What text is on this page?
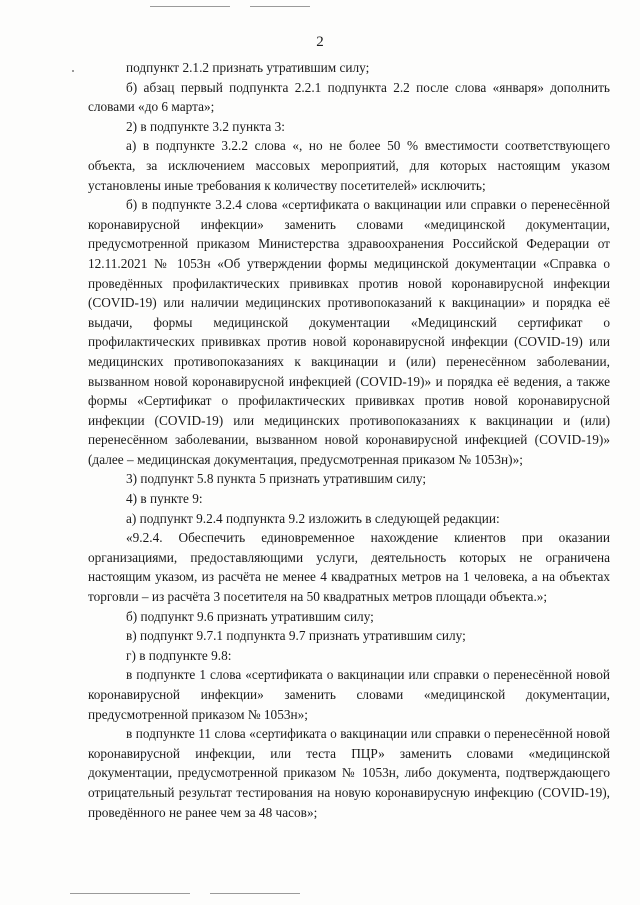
2

подпункт 2.1.2 признать утратившим силу;

б) абзац первый подпункта 2.2.1 подпункта 2.2 после слова «января» дополнить словами «до 6 марта»;

2) в подпункте 3.2 пункта 3:

а) в подпункте 3.2.2 слова «, но не более 50 % вместимости соответствующего объекта, за исключением массовых мероприятий, для которых настоящим указом установлены иные требования к количеству посетителей» исключить;

б) в подпункте 3.2.4 слова «сертификата о вакцинации или справки о перенесённой коронавирусной инфекции» заменить словами «медицинской документации, предусмотренной приказом Министерства здравоохранения Российской Федерации от 12.11.2021 № 1053н «Об утверждении формы медицинской документации «Справка о проведённых профилактических прививках против новой коронавирусной инфекции (COVID-19) или наличии медицинских противопоказаний к вакцинации» и порядка её выдачи, формы медицинской документации «Медицинский сертификат о профилактических прививках против новой коронавирусной инфекции (COVID-19) или медицинских противопоказаниях к вакцинации и (или) перенесённом заболевании, вызванном новой коронавирусной инфекцией (COVID-19)» и порядка её ведения, а также формы «Сертификат о профилактических прививках против новой коронавирусной инфекции (COVID-19) или медицинских противопоказаниях к вакцинации и (или) перенесённом заболевании, вызванном новой коронавирусной инфекцией (COVID-19)» (далее – медицинская документация, предусмотренная приказом № 1053н)»;

3) подпункт 5.8 пункта 5 признать утратившим силу;

4) в пункте 9:

а) подпункт 9.2.4 подпункта 9.2 изложить в следующей редакции:

«9.2.4. Обеспечить единовременное нахождение клиентов при оказании организациями, предоставляющими услуги, деятельность которых не ограничена настоящим указом, из расчёта не менее 4 квадратных метров на 1 человека, а на объектах торговли – из расчёта 3 посетителя на 50 квадратных метров площади объекта.»;

б) подпункт 9.6 признать утратившим силу;

в) подпункт 9.7.1 подпункта 9.7 признать утратившим силу;

г) в подпункте 9.8:

в подпункте 1 слова «сертификата о вакцинации или справки о перенесённой новой коронавирусной инфекции» заменить словами «медицинской документации, предусмотренной приказом № 1053н»;

в подпункте 11 слова «сертификата о вакцинации или справки о перенесённой новой коронавирусной инфекции, или теста ПЦР» заменить словами «медицинской документации, предусмотренной приказом № 1053н, либо документа, подтверждающего отрицательный результат тестирования на новую коронавирусную инфекцию (COVID-19), проведённого не ранее чем за 48 часов»;
